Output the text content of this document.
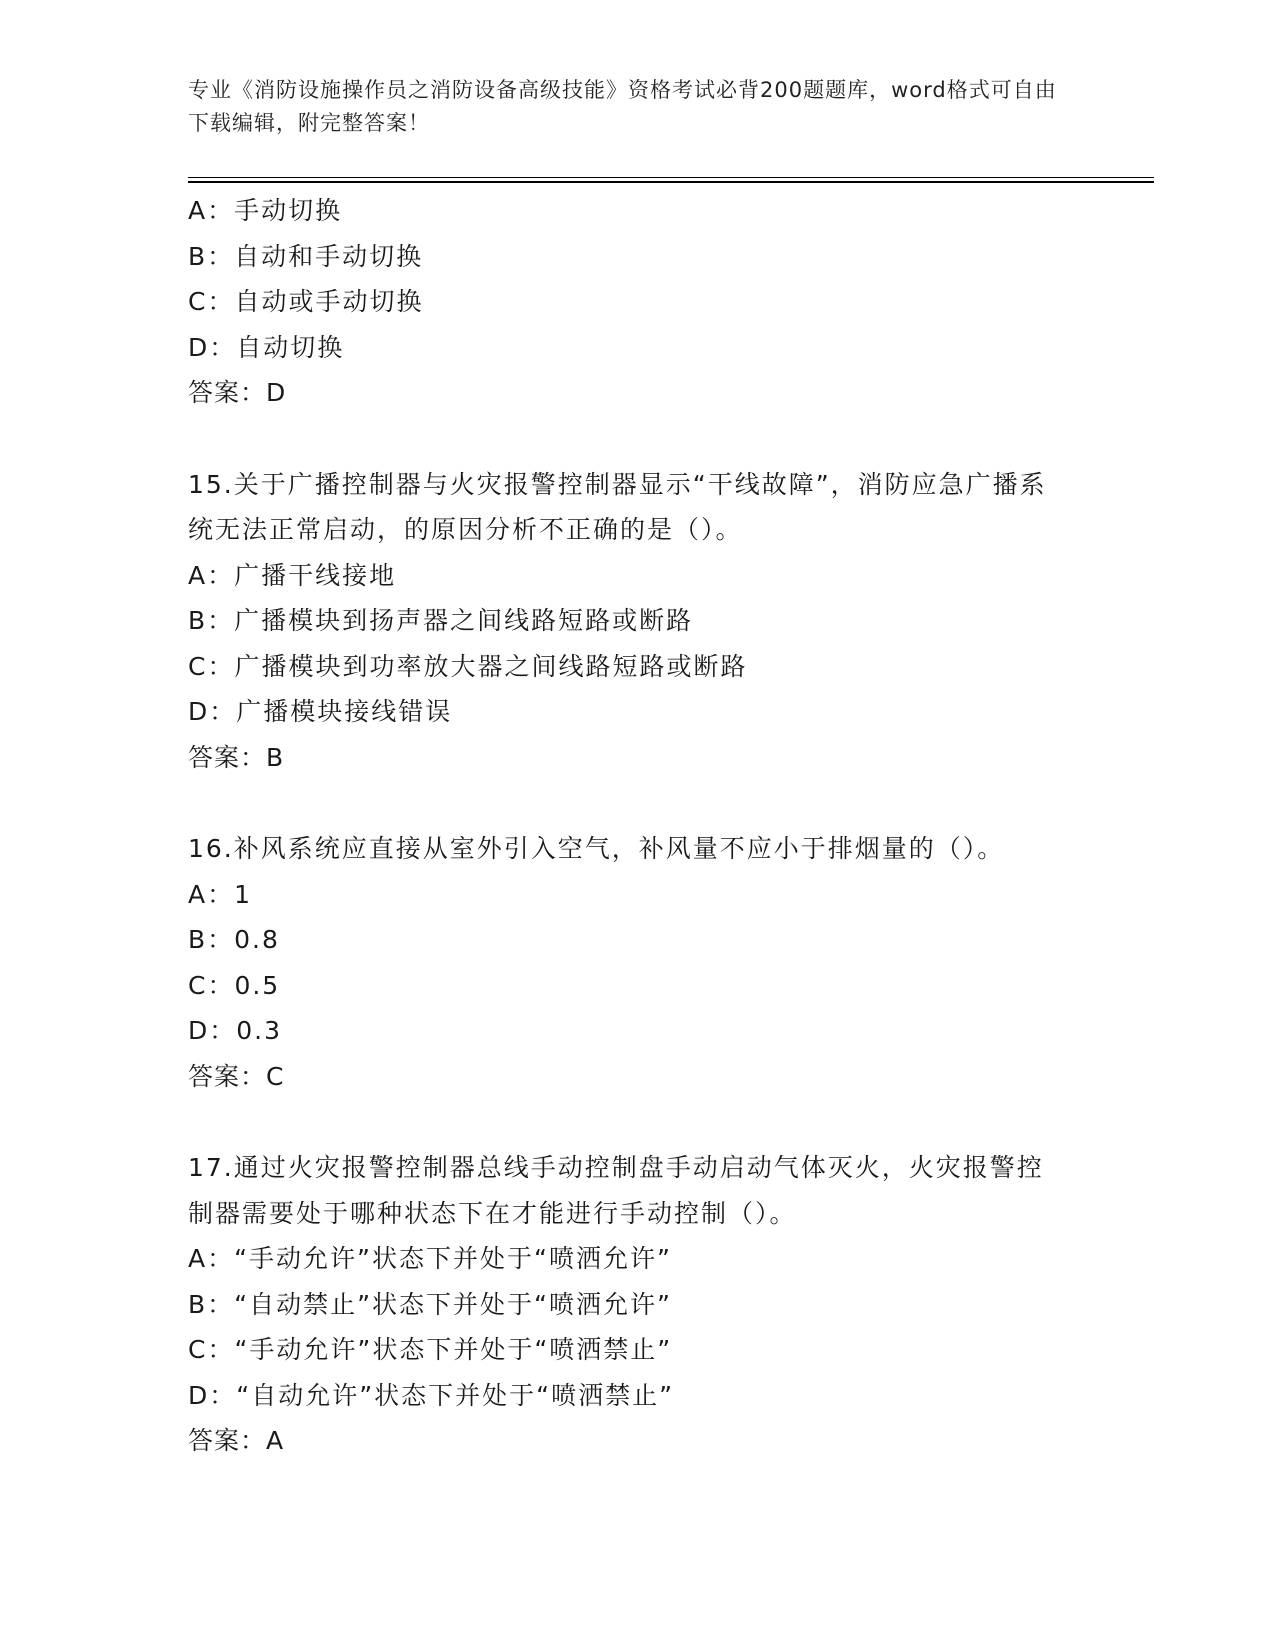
专业《消防设施操作员之消防设备高级技能》资格考试必背200题题库，word格式可自由下载编辑，附完整答案！
A：手动切换
B：自动和手动切换
C：自动或手动切换
D：自动切换
答案：D
15.关于广播控制器与火灾报警控制器显示“干线故障”，消防应急广播系统无法正常启动，的原因分析不正确的是（）。
A：广播干线接地
B：广播模块到扬声器之间线路短路或断路
C：广播模块到功率放大器之间线路短路或断路
D：广播模块接线错误
答案：B
16.补风系统应直接从室外引入空气，补风量不应小于排烟量的（）。
A：1
B：0.8
C：0.5
D：0.3
答案：C
17.通过火灾报警控制器总线手动控制盘手动启动气体灭火，火灾报警控制器需要处于哪种状态下在才能进行手动控制（）。
A：“手动允许”状态下并处于“喷洒允许”
B：“自动禁止”状态下并处于“喷洒允许”
C：“手动允许”状态下并处于“喷洒禁止”
D：“自动允许”状态下并处于“喷洒禁止”
答案：A
